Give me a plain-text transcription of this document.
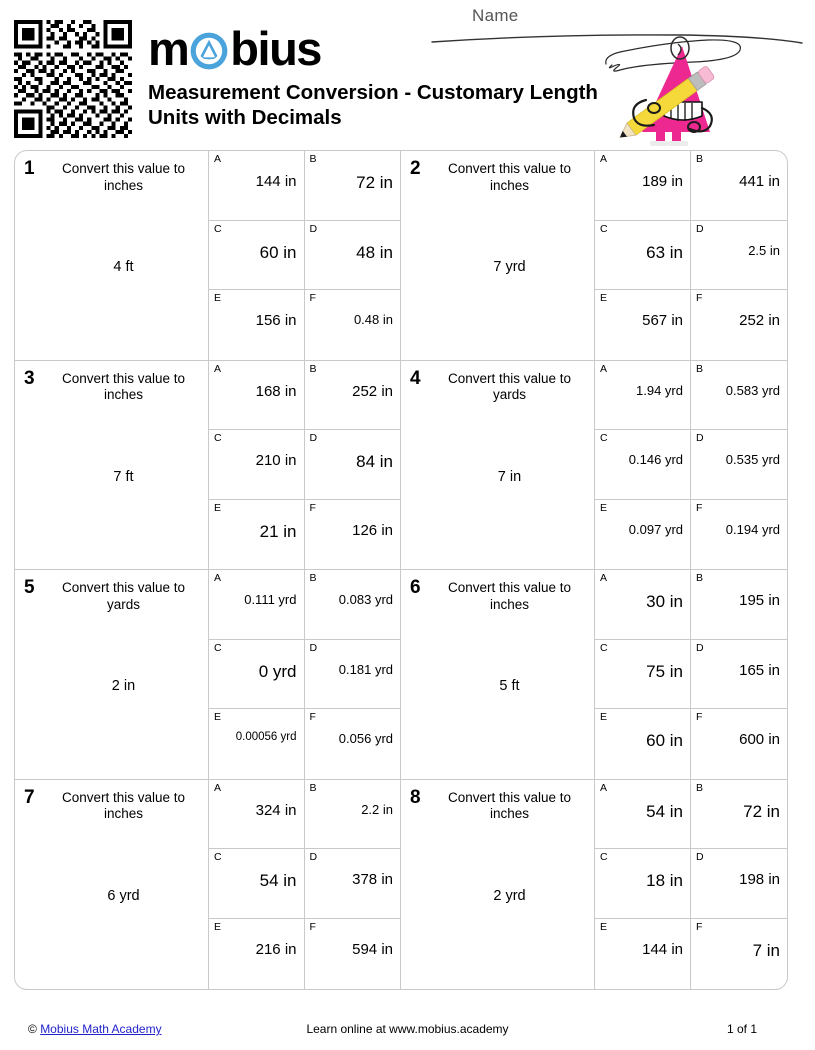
m bius
Measurement Conversion - Customary Length Units with Decimals
Name
1	Convert this value to inches
4 ft
A
144 in
B
72 in
C
60 in
D
48 in
E
156 in
F
0.48 in
2	Convert this value to inches
7 yrd
A
189 in
B
441 in
C
63 in
D
2.5 in
E
567 in
F
252 in
3	Convert this value to inches
7 ft
A
168 in
B
252 in
C
210 in
D
84 in
E
21 in
F
126 in
4	Convert this value to yards
7 in
A
1.94 yrd
B
0.583 yrd
C
0.146 yrd
D
0.535 yrd
E
0.097 yrd
F
0.194 yrd
5	Convert this value to yards
2 in
A
0.111 yrd
B
0.083 yrd
C
0 yrd
D
0.181 yrd
E
0.00056 yrd
F
0.056 yrd
6	Convert this value to inches
5 ft
A
30 in
B
195 in
C
75 in
D
165 in
E
60 in
F
600 in
7	Convert this value to inches
6 yrd
A
324 in
B
2.2 in
C
54 in
D
378 in
E
216 in
F
594 in
8	Convert this value to inches
2 yrd
A
54 in
B
72 in
C
18 in
D
198 in
E
144 in
F
7 in
© Mobius Math Academy	Learn online at www.mobius.academy	1 of 1
